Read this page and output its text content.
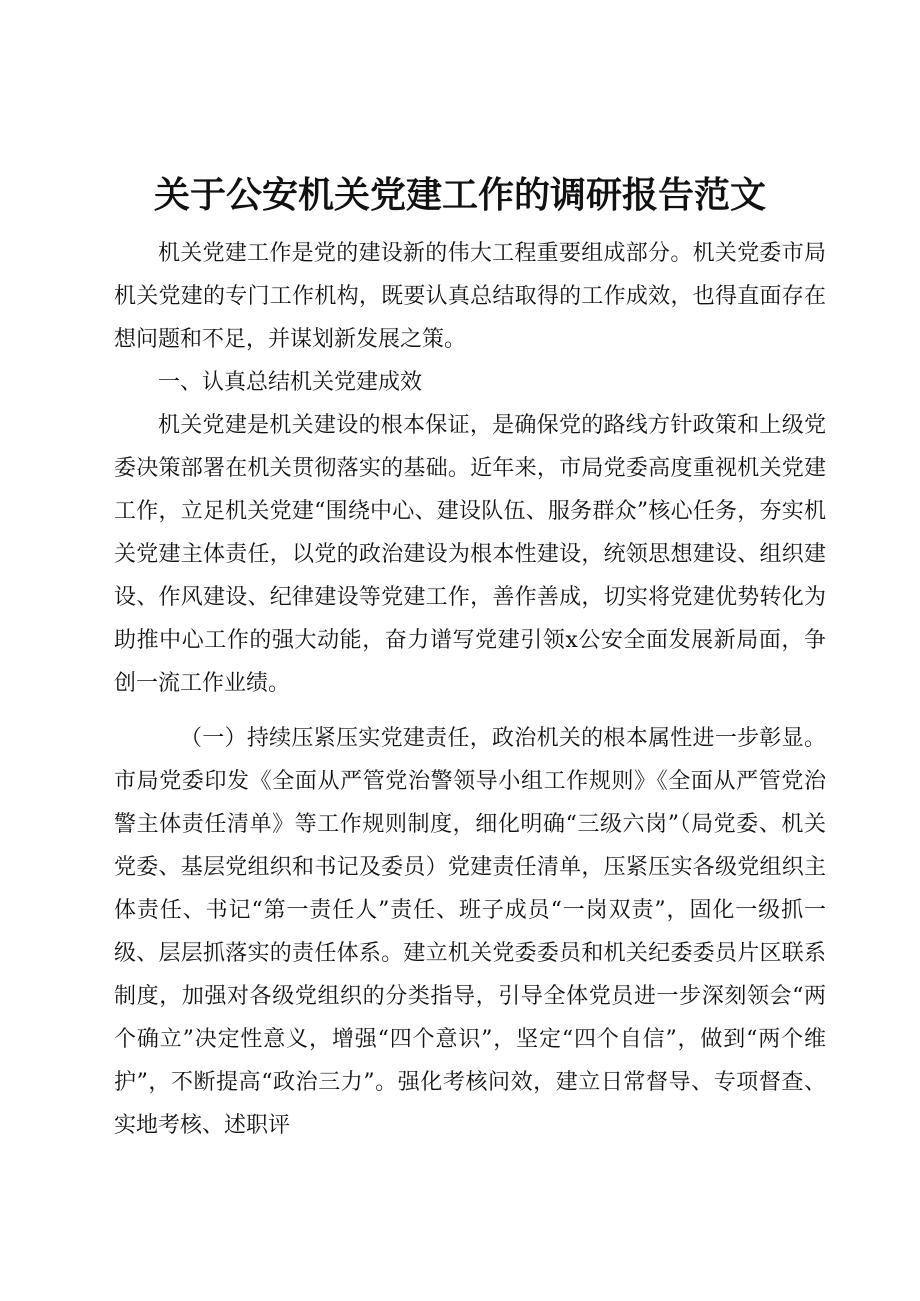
关于公安机关党建工作的调研报告范文

机关党建工作是党的建设新的伟大工程重要组成部分。机关党委市局机关党建的专门工作机构，既要认真总结取得的工作成效，也得直面存在想问题和不足，并谋划新发展之策。

一、认真总结机关党建成效

机关党建是机关建设的根本保证，是确保党的路线方针政策和上级党委决策部署在机关贯彻落实的基础。近年来，市局党委高度重视机关党建工作，立足机关党建“围绕中心、建设队伍、服务群众”核心任务，夯实机关党建主体责任，以党的政治建设为根本性建设，统领思想建设、组织建设、作风建设、纪律建设等党建工作，善作善成，切实将党建优势转化为助推中心工作的强大动能，奋力谱写党建引领x公安全面发展新局面，争创一流工作业绩。

（一）持续压紧压实党建责任，政治机关的根本属性进一步彰显。市局党委印发《全面从严管党治警领导小组工作规则》《全面从严管党治警主体责任清单》等工作规则制度，细化明确“三级六岗”（局党委、机关党委、基层党组织和书记及委员）党建责任清单，压紧压实各级党组织主体责任、书记“第一责任人”责任、班子成员“一岗双责”，固化一级抓一级、层层抓落实的责任体系。建立机关党委委员和机关纪委委员片区联系制度，加强对各级党组织的分类指导，引导全体党员进一步深刻领会“两个确立”决定性意义，增强“四个意识”，坚定“四个自信”，做到“两个维护”，不断提高“政治三力”。强化考核问效，建立日常督导、专项督查、实地考核、述职评
